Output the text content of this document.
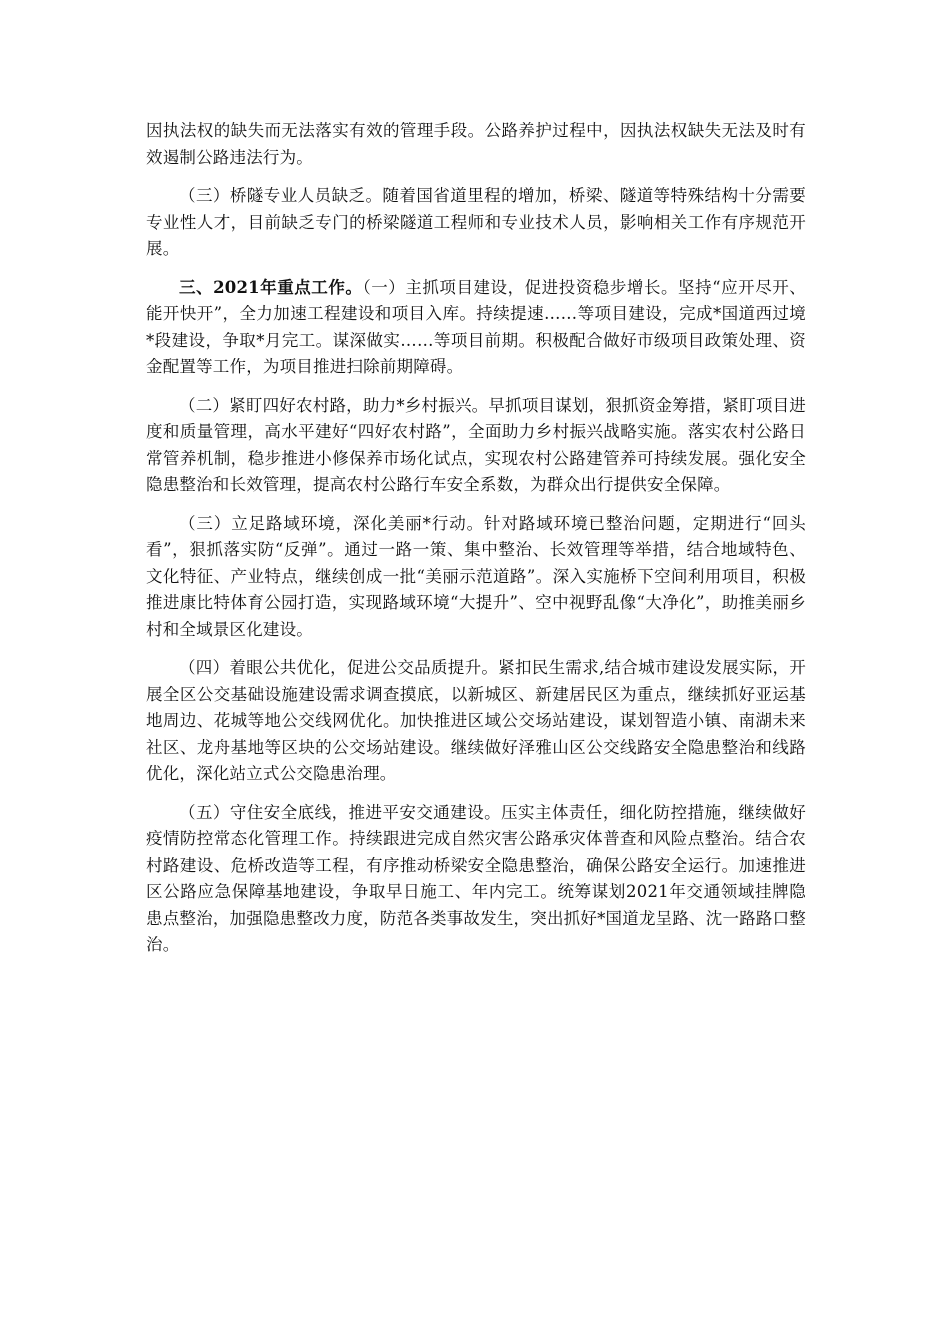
因执法权的缺失而无法落实有效的管理手段。公路养护过程中，因执法权缺失无法及时有效遏制公路违法行为。

（三）桥隧专业人员缺乏。随着国省道里程的增加，桥梁、隧道等特殊结构十分需要专业性人才，目前缺乏专门的桥梁隧道工程师和专业技术人员，影响相关工作有序规范开展。

三、2021年重点工作。（一）主抓项目建设，促进投资稳步增长。坚持“应开尽开、能开快开”，全力加速工程建设和项目入库。持续提速……等项目建设，完成*国道西过境*段建设，争取*月完工。谋深做实……等项目前期。积极配合做好市级项目政策处理、资金配置等工作，为项目推进扫除前期障碍。

（二）紧盯四好农村路，助力*乡村振兴。早抓项目谋划，狠抓资金筹措，紧盯项目进度和质量管理，高水平建好“四好农村路”，全面助力乡村振兴战略实施。落实农村公路日常管养机制，稳步推进小修保养市场化试点，实现农村公路建管养可持续发展。强化安全隐患整治和长效管理，提高农村公路行车安全系数，为群众出行提供安全保障。

（三）立足路域环境，深化美丽*行动。针对路域环境已整治问题，定期进行“回头看”，狠抓落实防“反弹”。通过一路一策、集中整治、长效管理等举措，结合地域特色、文化特征、产业特点，继续创成一批“美丽示范道路”。深入实施桥下空间利用项目，积极推进康比特体育公园打造，实现路域环境“大提升”、空中视野乱像“大净化”，助推美丽乡村和全域景区化建设。

（四）着眼公共优化，促进公交品质提升。紧扣民生需求,结合城市建设发展实际，开展全区公交基础设施建设需求调查摸底，以新城区、新建居民区为重点，继续抓好亚运基地周边、花城等地公交线网优化。加快推进区域公交场站建设，谋划智造小镇、南湖未来社区、龙舟基地等区块的公交场站建设。继续做好泽雅山区公交线路安全隐患整治和线路优化，深化站立式公交隐患治理。

（五）守住安全底线，推进平安交通建设。压实主体责任，细化防控措施，继续做好疫情防控常态化管理工作。持续跟进完成自然灾害公路承灾体普查和风险点整治。结合农村路建设、危桥改造等工程，有序推动桥梁安全隐患整治，确保公路安全运行。加速推进区公路应急保障基地建设，争取早日施工、年内完工。统筹谋划2021年交通领域挂牌隐患点整治，加强隐患整改力度，防范各类事故发生，突出抓好*国道龙呈路、沈一路路口整治。
